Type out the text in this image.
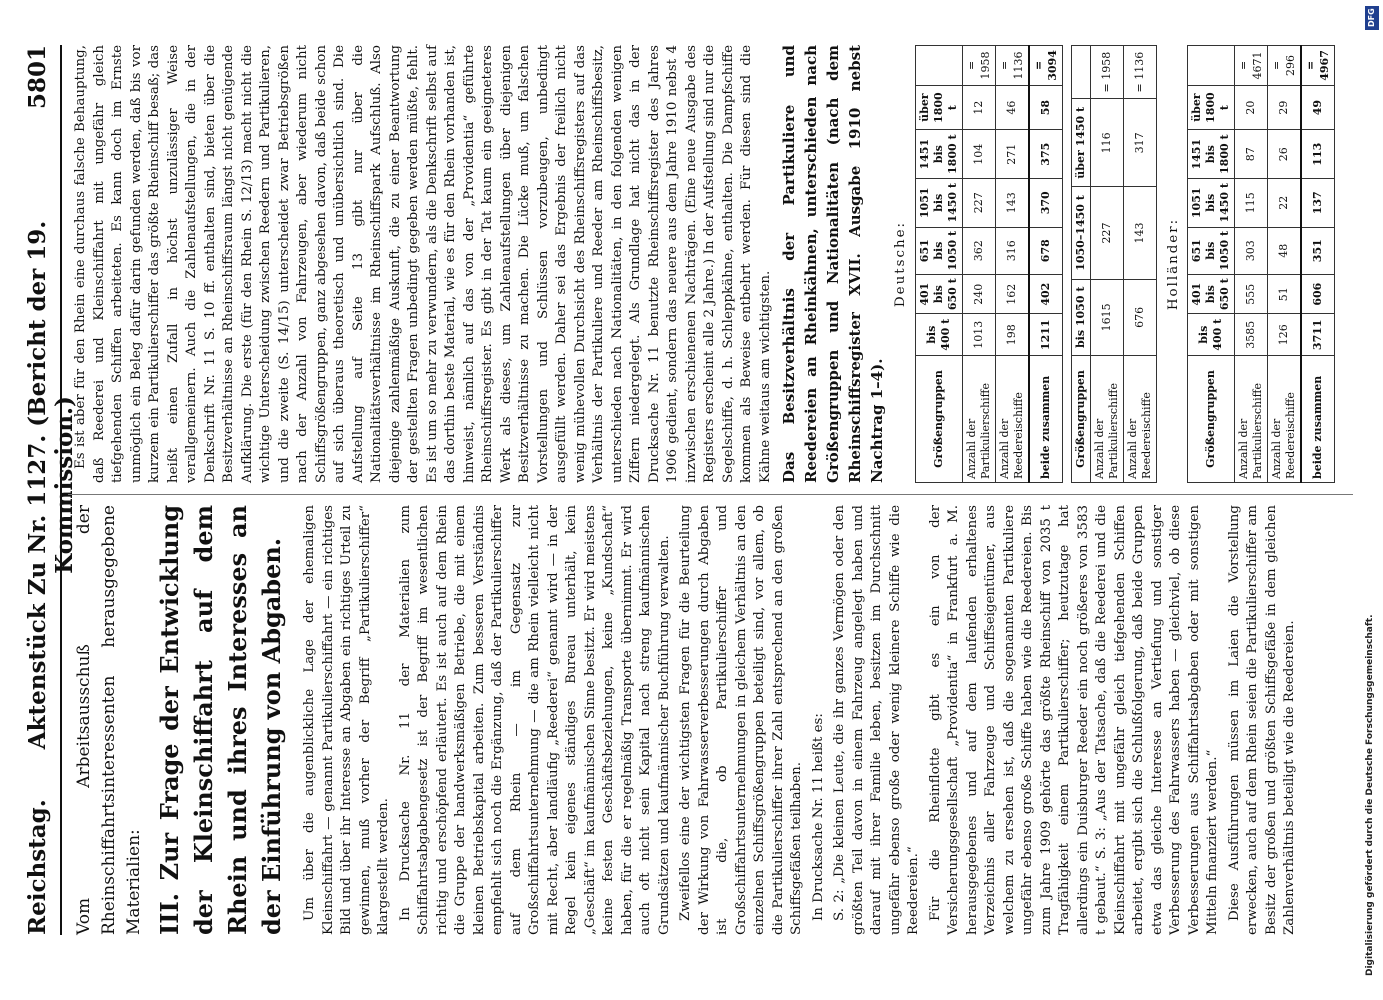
Reichstag.
Aktenstück Zu Nr. 1127. (Bericht der 19. Kommission.)
5801

Vom Arbeitsausschuß der Rheinschiffahrtsinteressenten herausgegebene Materialien: III. Zur Frage der Entwicklung der Kleinschiffahrt auf dem Rhein und ihres Interesses an der Einführung von Abgaben. Um über die augenblickliche Lage der ehemaligen Kleinschiffahrt — genannt Partikulierschiffahrt — ein richtiges Bild und über ihr Interesse an Abgaben ein richtiges Urteil zu gewinnen, muß vorher der Begriff „Partikulierschiffer“ klargestellt werden. In Drucksache Nr. 11 der Materialien zum Schiffahrtsabgabengesetz ist der Begriff im wesentlichen richtig und erschöpfend erläutert. Es ist auch auf dem Rhein die Gruppe der handwerksmäßigen Betriebe, die mit einem kleinen Betriebskapital arbeiten. Zum besseren Verständnis empfiehlt sich noch die Ergänzung, daß der Partikulierschiffer auf dem Rhein — im Gegensatz zur Großschiffahrtsunternehmung — die am Rhein vielleicht nicht mit Recht, aber landläufig „Reederei“ genannt wird — in der Regel kein eigenes ständiges Bureau unterhält, kein „Geschäft“ im kaufmännischen Sinne besitzt. Er wird meistens keine festen Geschäftsbeziehungen, keine „Kundschaft“ haben, für die er regelmäßig Transporte übernimmt. Er wird auch oft nicht sein Kapital nach streng kaufmännischen Grundsätzen und kaufmännischer Buchführung verwalten. Zweifellos eine der wichtigsten Fragen für die Beurteilung der Wirkung von Fahrwasserverbesserungen durch Abgaben ist die, ob Partikulierschiffer und Großschiffahrtsunternehmungen in gleichem Verhältnis an den einzelnen Schiffsgrößengruppen beteiligt sind, vor allem, ob die Partikulierschiffer ihrer Zahl entsprechend an den großen Schiffsgefäßen teilhaben. In Drucksache Nr. 11 heißt es: S. 2: „Die kleinen Leute, die ihr ganzes Vermögen oder den größten Teil davon in einem Fahrzeug angelegt haben und darauf mit ihrer Familie leben, besitzen im Durchschnitt ungefähr ebenso große oder wenig kleinere Schiffe wie die Reedereien.“ Für die Rheinflotte gibt es ein von der Versicherungsgesellschaft „Providentia“ in Frankfurt a. M. herausgegebenes und auf dem laufenden erhaltenes Verzeichnis aller Fahrzeuge und Schiffseigentümer, aus welchem zu ersehen ist, daß die sogenannten Partikuliere ungefähr ebenso große Schiffe haben wie die Reedereien. Bis zum Jahre 1909 gehörte das größte Rheinschiff von 2035 t Tragfähigkeit einem Partikulierschiffer; heutzutage hat allerdings ein Duisburger Reeder ein noch größeres von 3583 t gebaut.“ S. 3: „Aus der Tatsache, daß die Reederei und die Kleinschiffahrt mit ungefähr gleich tiefgehenden Schiffen arbeitet, ergibt sich die Schlußfolgerung, daß beide Gruppen etwa das gleiche Interesse an Vertiefung und sonstiger Verbesserung des Fahrwassers haben — gleichviel, ob diese Verbesserungen aus Schiffahrtsabgaben oder mit sonstigen Mitteln finanziert werden.“ Diese Ausführungen müssen im Laien die Vorstellung erwecken, auch auf dem Rhein seien die Partikulierschiffer am Besitz der großen und größten Schiffsgefäße in dem gleichen Zahlenverhältnis beteiligt wie die Reedereien.

Es ist aber für den Rhein eine durchaus falsche Behauptung, daß Reederei und Kleinschiffahrt mit ungefähr gleich tiefgehenden Schiffen arbeiteten. Es kann doch im Ernste unmöglich ein Beleg dafür darin gefunden werden, daß bis vor kurzem ein Partikulierschiffer das größte Rheinschiff besaß; das heißt einen Zufall in höchst unzulässiger Weise verallgemeinern. Auch die Zahlenaufstellungen, die in der Denkschrift Nr. 11 S. 10 ff. enthalten sind, bieten über die Besitzverhältnisse an Rheinschiffsraum längst nicht genügende Aufklärung. Die erste (für den Rhein S. 12/13) macht nicht die wichtige Unterscheidung zwischen Reedern und Partikulieren, und die zweite (S. 14/15) unterscheidet zwar Betriebsgrößen nach der Anzahl von Fahrzeugen, aber wiederum nicht Schiffsgrößengruppen, ganz abgesehen davon, daß beide schon auf sich überaus theoretisch und unübersichtlich sind. Die Aufstellung auf Seite 13 gibt nur über die Nationalitätsverhältnisse im Rheinschiffspark Aufschluß. Also diejenige zahlenmäßige Auskunft, die zu einer Beantwortung der gestellten Fragen unbedingt gegeben werden müßte, fehlt. Es ist um so mehr zu verwundern, als die Denkschrift selbst auf das dorthin beste Material, wie es für den Rhein vorhanden ist, hinweist, nämlich auf das von der „Providentia“ geführte Rheinschiffsregister. Es gibt in der Tat kaum ein geeigneteres Werk als dieses, um Zahlenaufstellungen über diejenigen Besitzverhältnisse zu machen. Die Lücke muß, um falschen Vorstellungen und Schlüssen vorzubeugen, unbedingt ausgefüllt werden. Daher sei das Ergebnis der freilich nicht wenig mühevollen Durchsicht des Rheinschiffsregisters auf das Verhältnis der Partikuliere und Reeder am Rheinschiffsbesitz, unterschieden nach Nationalitäten, in den folgenden wenigen Ziffern niedergelegt. Als Grundlage hat nicht das in der Drucksache Nr. 11 benutzte Rheinschiffsregister des Jahres 1906 gedient, sondern das neuere aus dem Jahre 1910 nebst 4 inzwischen erschienenen Nachträgen. (Eine neue Ausgabe des Registers erscheint alle 2 Jahre.) In der Aufstellung sind nur die Segelschiffe, d. h. Schleppkähne, enthalten. Die Dampfschiffe kommen als Beweise entbehrt werden. Für diesen sind die Kähne weitaus am wichtigsten. Das Besitzverhältnis der Partikuliere und Reedereien an Rheinkähnen, unterschieden nach Größengruppen und Nationalitäten (nach dem Rheinschiffsregister XVII. Ausgabe 1910 nebst Nachtrag 1–4).

Deutsche:
Größengruppen	bis 400 t	401 bis 650 t	651 bis 1050 t	1051 bis 1450 t	1451 bis 1800 t	über 1800 t	
Anzahl der Partikulierschiffe	1013	240	362	227	104	12	= 1958
Anzahl der Reedereischiffe	198	162	316	143	271	46	= 1136
beide zusammen	1211	402	678	370	375	58	= 3094
Größengruppen	bis 1050 t	1050–1450 t	über 1450 t	
Anzahl der Partikulierschiffe	1615	227	116	= 1958
Anzahl der Reedereischiffe	676	143	317	= 1136
Holländer:
Größengruppen	bis 400 t	401 bis 650 t	651 bis 1050 t	1051 bis 1450 t	1451 bis 1800 t	über 1800 t	
Anzahl der Partikulierschiffe	3585	555	303	115	87	20	= 4671
Anzahl der Reedereischiffe	126	51	48	22	26	29	= 296
beide zusammen	3711	606	351	137	113	49	= 4967
DFG
Digitalisierung gefördert durch die Deutsche Forschungsgemeinschaft.
